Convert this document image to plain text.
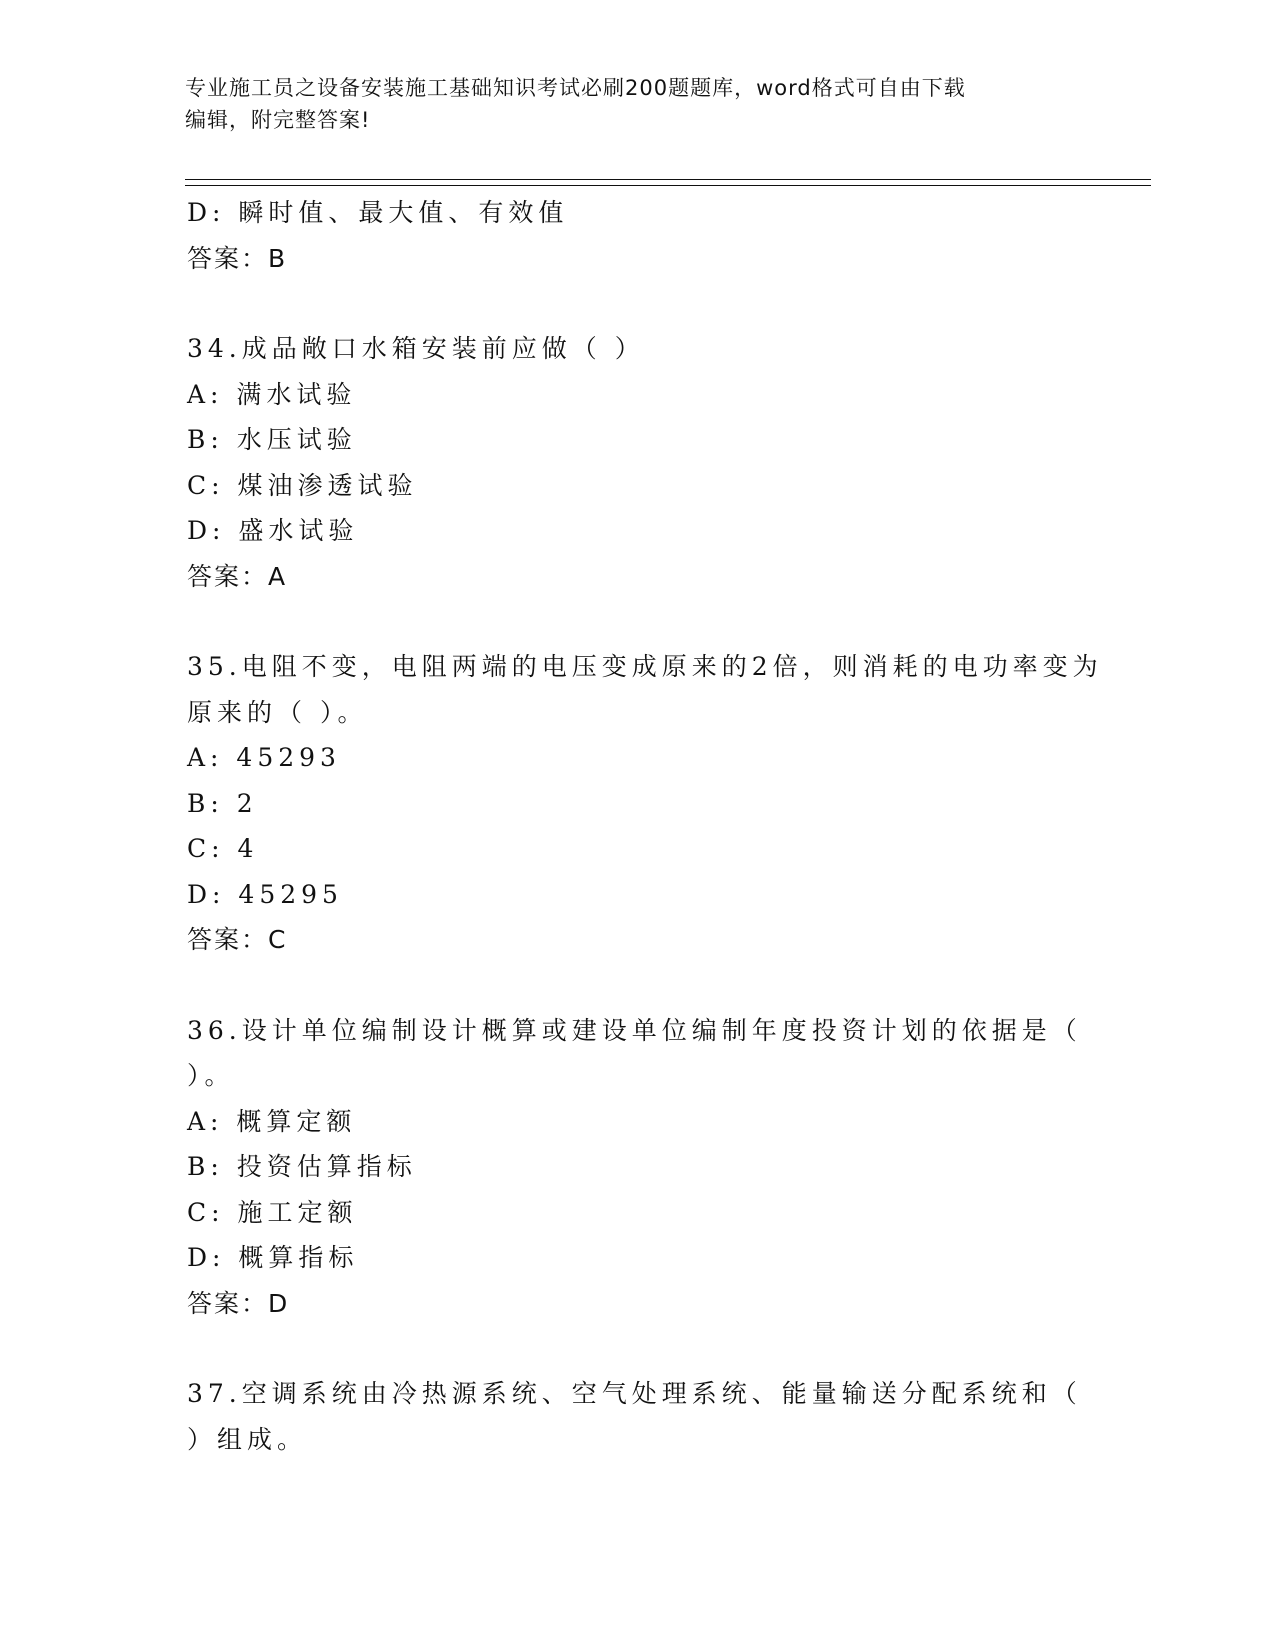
专业施工员之设备安装施工基础知识考试必刷200题题库，word格式可自由下载
编辑，附完整答案!
D: 瞬时值、最大值、有效值
答案：B
34.成品敞口水箱安装前应做（ ）
A: 满水试验
B: 水压试验
C: 煤油渗透试验
D: 盛水试验
答案：A
35.电阻不变，电阻两端的电压变成原来的2倍，则消耗的电功率变为
原来的（ ）。
A: 45293
B: 2
C: 4
D: 45295
答案：C
36.设计单位编制设计概算或建设单位编制年度投资计划的依据是（
）。
A: 概算定额
B: 投资估算指标
C: 施工定额
D: 概算指标
答案：D
37.空调系统由冷热源系统、空气处理系统、能量输送分配系统和（
）组成。
